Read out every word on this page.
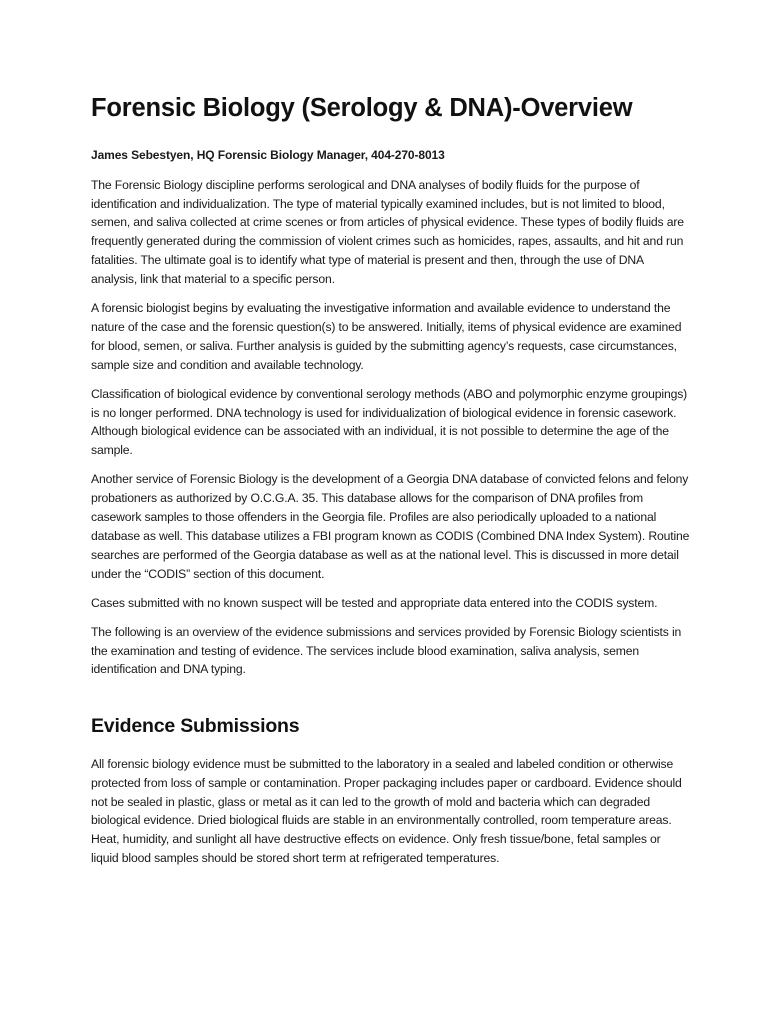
Forensic Biology (Serology & DNA)-Overview
James Sebestyen, HQ Forensic Biology Manager, 404-270-8013

The Forensic Biology discipline performs serological and DNA analyses of bodily fluids for the purpose of identification and individualization. The type of material typically examined includes, but is not limited to blood, semen, and saliva collected at crime scenes or from articles of physical evidence. These types of bodily fluids are frequently generated during the commission of violent crimes such as homicides, rapes, assaults, and hit and run fatalities. The ultimate goal is to identify what type of material is present and then, through the use of DNA analysis, link that material to a specific person.

A forensic biologist begins by evaluating the investigative information and available evidence to understand the nature of the case and the forensic question(s) to be answered. Initially, items of physical evidence are examined for blood, semen, or saliva. Further analysis is guided by the submitting agency’s requests, case circumstances, sample size and condition and available technology.

Classification of biological evidence by conventional serology methods (ABO and polymorphic enzyme groupings) is no longer performed. DNA technology is used for individualization of biological evidence in forensic casework. Although biological evidence can be associated with an individual, it is not possible to determine the age of the sample.

Another service of Forensic Biology is the development of a Georgia DNA database of convicted felons and felony probationers as authorized by O.C.G.A. 35. This database allows for the comparison of DNA profiles from casework samples to those offenders in the Georgia file. Profiles are also periodically uploaded to a national database as well. This database utilizes a FBI program known as CODIS (Combined DNA Index System). Routine searches are performed of the Georgia database as well as at the national level. This is discussed in more detail under the “CODIS” section of this document.

Cases submitted with no known suspect will be tested and appropriate data entered into the CODIS system.

The following is an overview of the evidence submissions and services provided by Forensic Biology scientists in the examination and testing of evidence. The services include blood examination, saliva analysis, semen identification and DNA typing.

Evidence Submissions

All forensic biology evidence must be submitted to the laboratory in a sealed and labeled condition or otherwise protected from loss of sample or contamination. Proper packaging includes paper or cardboard. Evidence should not be sealed in plastic, glass or metal as it can led to the growth of mold and bacteria which can degraded biological evidence. Dried biological fluids are stable in an environmentally controlled, room temperature areas. Heat, humidity, and sunlight all have destructive effects on evidence. Only fresh tissue/bone, fetal samples or liquid blood samples should be stored short term at refrigerated temperatures.
